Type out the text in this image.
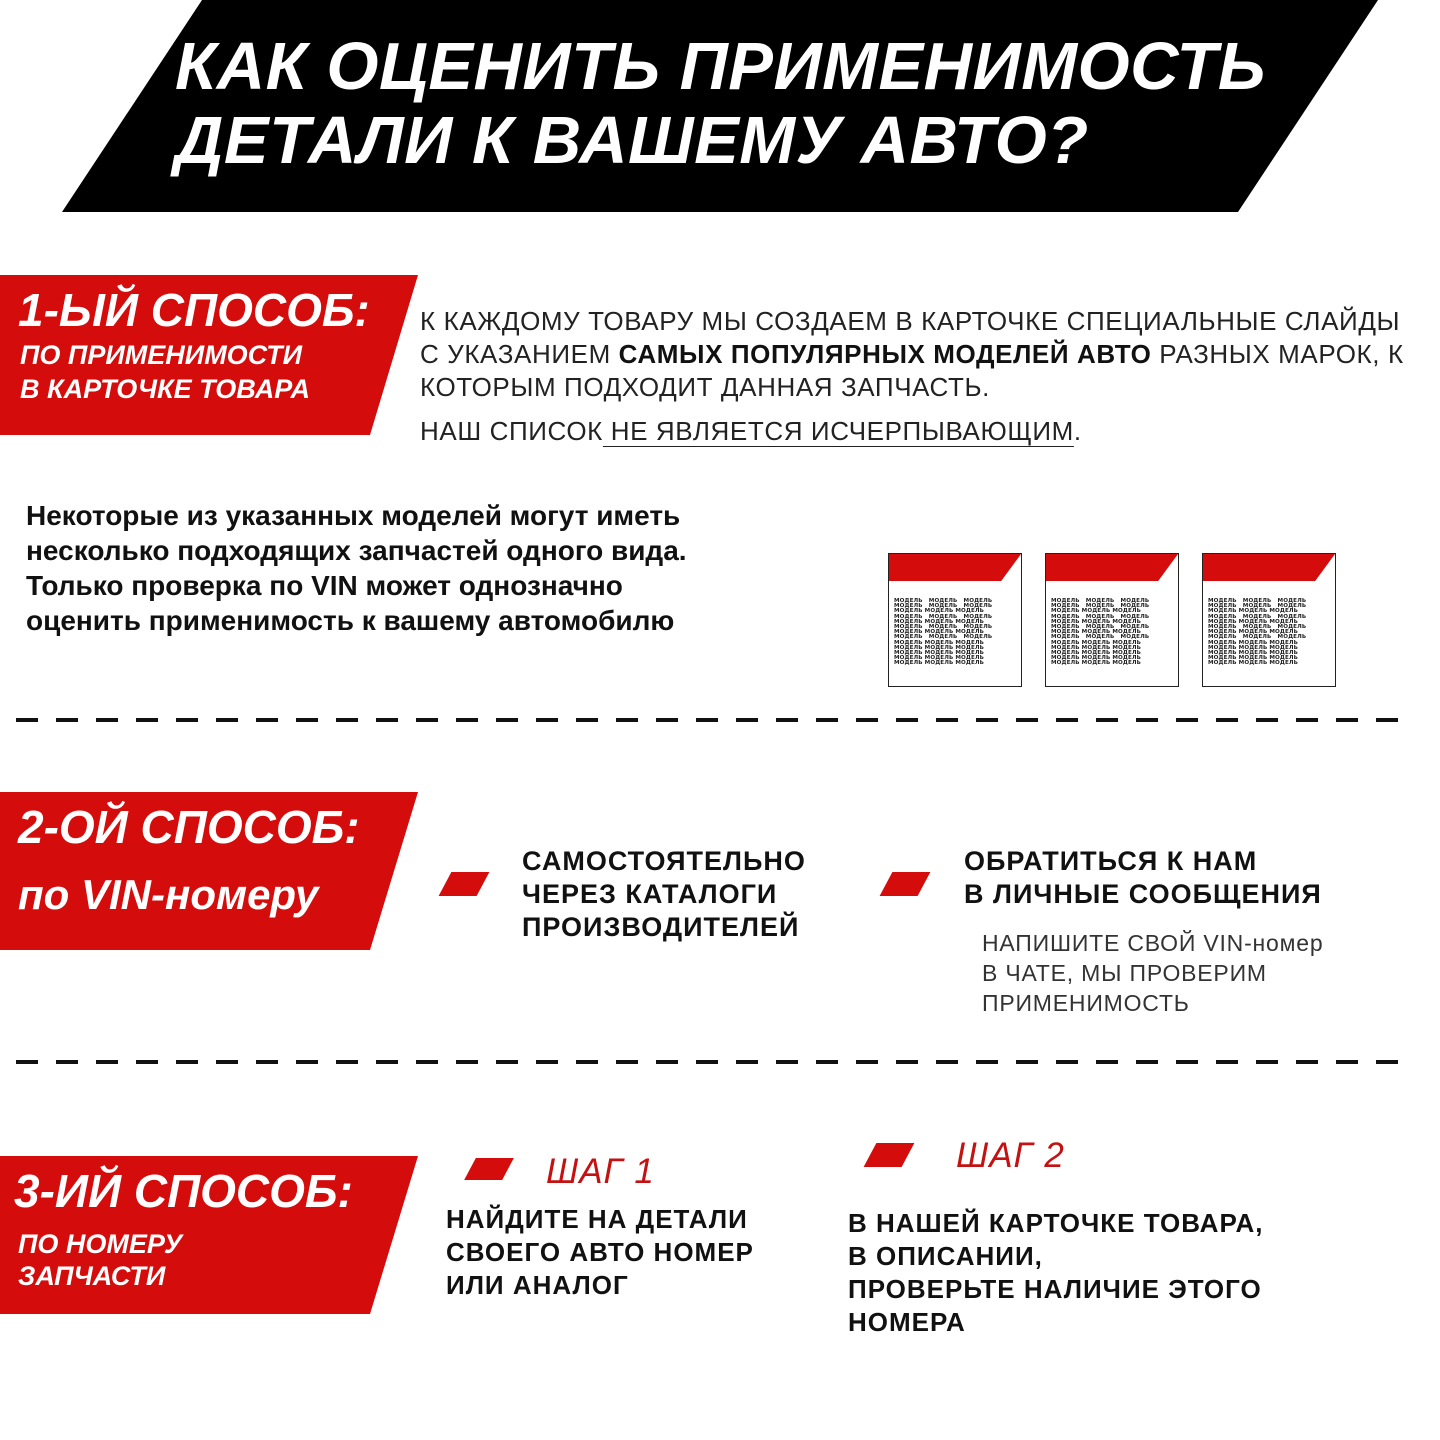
КАК ОЦЕНИТЬ ПРИМЕНИМОСТЬ
ДЕТАЛИ К ВАШЕМУ АВТО?
1-ЫЙ СПОСОБ:
ПО ПРИМЕНИМОСТИ
В КАРТОЧКЕ ТОВАРА
К КАЖДОМУ ТОВАРУ МЫ СОЗДАЕМ В КАРТОЧКЕ СПЕЦИАЛЬНЫЕ СЛАЙДЫ С УКАЗАНИЕМ САМЫХ ПОПУЛЯРНЫХ МОДЕЛЕЙ АВТО РАЗНЫХ МАРОК, К КОТОРЫМ ПОДХОДИТ ДАННАЯ ЗАПЧАСТЬ.
НАШ СПИСОК НЕ ЯВЛЯЕТСЯ ИСЧЕРПЫВАЮЩИМ.
Некоторые из указанных моделей могут иметь
несколько подходящих запчастей одного вида.
Только проверка по VIN может однозначно
оценить применимость к вашему автомобилю
МОДЕЛЬ   МОДЕЛЬ   МОДЕЛЬ
МОДЕЛЬ   МОДЕЛЬ   МОДЕЛЬ
МОДЕЛЬ МОДЕЛЬ МОДЕЛЬ
МОДЕЛЬ   МОДЕЛЬ   МОДЕЛЬ
МОДЕЛЬ МОДЕЛЬ МОДЕЛЬ
МОДЕЛЬ   МОДЕЛЬ   МОДЕЛЬ
МОДЕЛЬ МОДЕЛЬ МОДЕЛЬ
МОДЕЛЬ   МОДЕЛЬ   МОДЕЛЬ
МОДЕЛЬ МОДЕЛЬ МОДЕЛЬ
МОДЕЛЬ МОДЕЛЬ МОДЕЛЬ
МОДЕЛЬ МОДЕЛЬ МОДЕЛЬ
МОДЕЛЬ МОДЕЛЬ МОДЕЛЬ
МОДЕЛЬ МОДЕЛЬ МОДЕЛЬ
МОДЕЛЬ   МОДЕЛЬ   МОДЕЛЬ
МОДЕЛЬ   МОДЕЛЬ   МОДЕЛЬ
МОДЕЛЬ МОДЕЛЬ МОДЕЛЬ
МОДЕЛЬ   МОДЕЛЬ   МОДЕЛЬ
МОДЕЛЬ МОДЕЛЬ МОДЕЛЬ
МОДЕЛЬ   МОДЕЛЬ   МОДЕЛЬ
МОДЕЛЬ МОДЕЛЬ МОДЕЛЬ
МОДЕЛЬ   МОДЕЛЬ   МОДЕЛЬ
МОДЕЛЬ МОДЕЛЬ МОДЕЛЬ
МОДЕЛЬ МОДЕЛЬ МОДЕЛЬ
МОДЕЛЬ МОДЕЛЬ МОДЕЛЬ
МОДЕЛЬ МОДЕЛЬ МОДЕЛЬ
МОДЕЛЬ МОДЕЛЬ МОДЕЛЬ
МОДЕЛЬ   МОДЕЛЬ   МОДЕЛЬ
МОДЕЛЬ   МОДЕЛЬ   МОДЕЛЬ
МОДЕЛЬ МОДЕЛЬ МОДЕЛЬ
МОДЕЛЬ   МОДЕЛЬ   МОДЕЛЬ
МОДЕЛЬ МОДЕЛЬ МОДЕЛЬ
МОДЕЛЬ   МОДЕЛЬ   МОДЕЛЬ
МОДЕЛЬ МОДЕЛЬ МОДЕЛЬ
МОДЕЛЬ   МОДЕЛЬ   МОДЕЛЬ
МОДЕЛЬ МОДЕЛЬ МОДЕЛЬ
МОДЕЛЬ МОДЕЛЬ МОДЕЛЬ
МОДЕЛЬ МОДЕЛЬ МОДЕЛЬ
МОДЕЛЬ МОДЕЛЬ МОДЕЛЬ
МОДЕЛЬ МОДЕЛЬ МОДЕЛЬ
2-ОЙ СПОСОБ:
по VIN-номеру
САМОСТОЯТЕЛЬНО
ЧЕРЕЗ КАТАЛОГИ
ПРОИЗВОДИТЕЛЕЙ
ОБРАТИТЬСЯ К НАМ
В ЛИЧНЫЕ СООБЩЕНИЯ
НАПИШИТЕ СВОЙ VIN-номер
В ЧАТЕ, МЫ ПРОВЕРИМ
ПРИМЕНИМОСТЬ
3-ИЙ СПОСОБ:
ПО НОМЕРУ
ЗАПЧАСТИ
ШАГ 1
НАЙДИТЕ НА ДЕТАЛИ
СВОЕГО АВТО НОМЕР
ИЛИ АНАЛОГ
ШАГ 2
В НАШЕЙ КАРТОЧКЕ ТОВАРА,
В ОПИСАНИИ,
ПРОВЕРЬТЕ НАЛИЧИЕ ЭТОГО
НОМЕРА
